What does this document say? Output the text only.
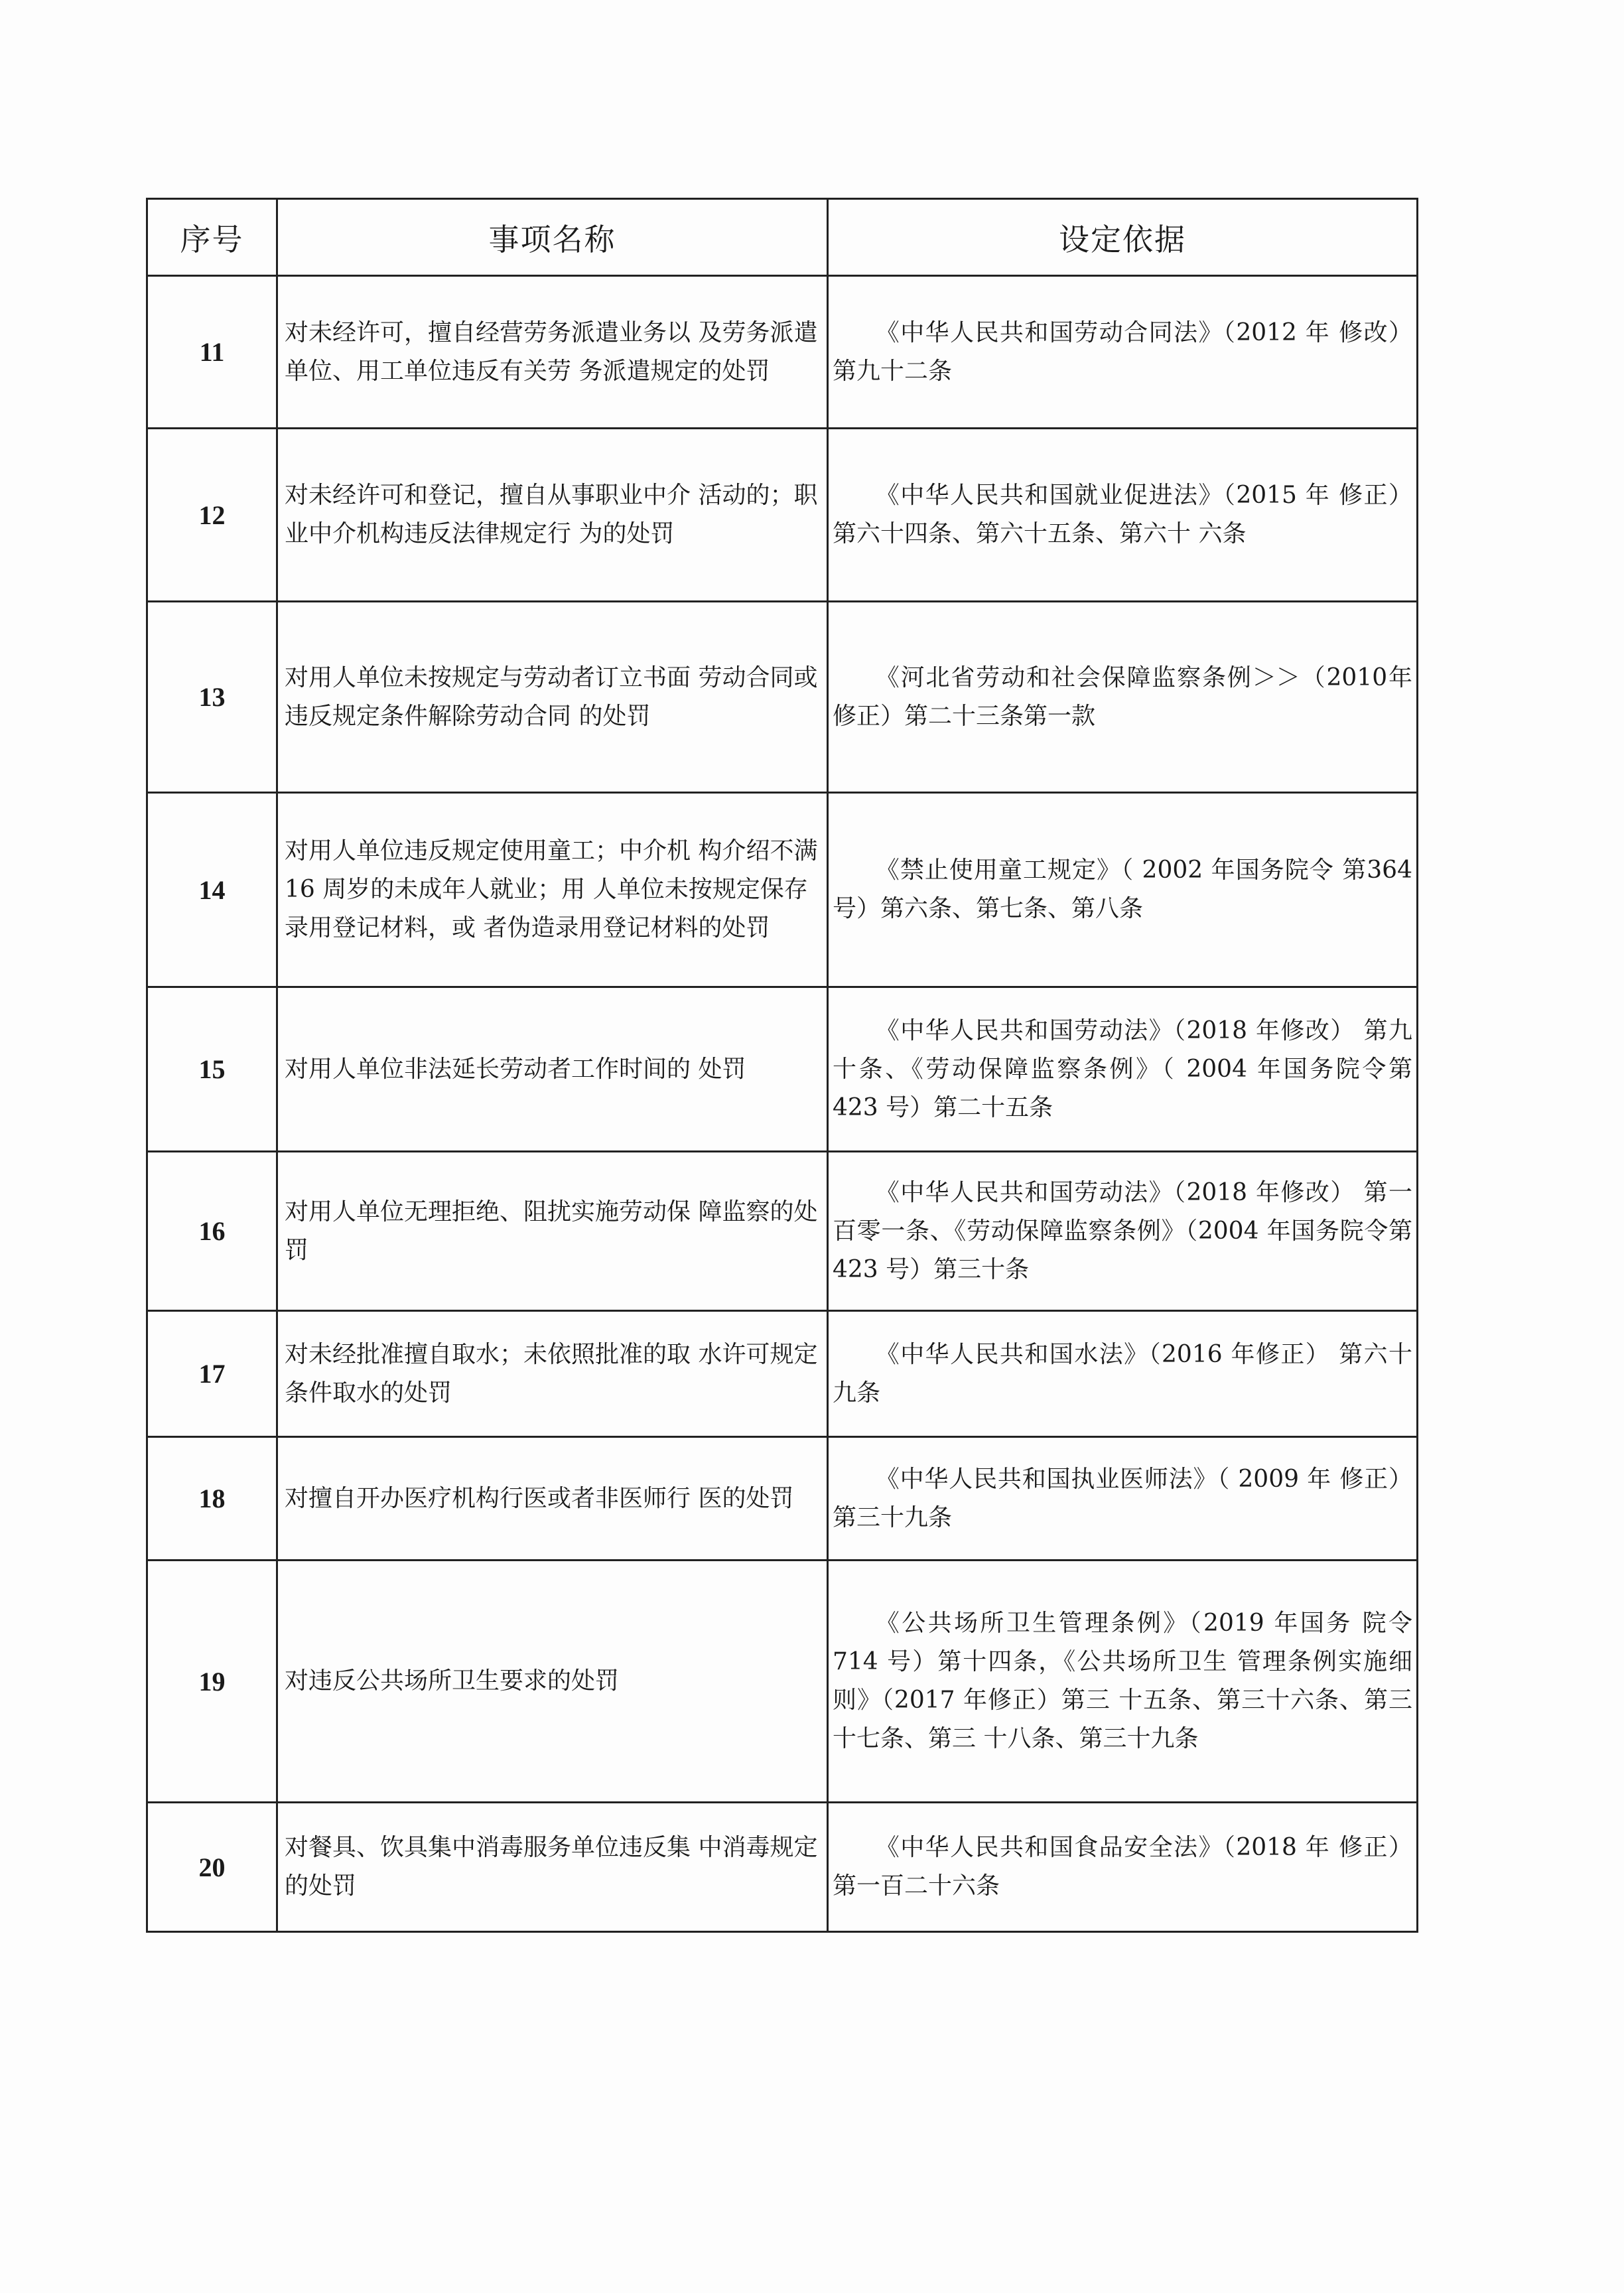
序号	事项名称	设定依据
11	对未经许可，擅自经营劳务派遣业务以 及劳务派遣单位、用工单位违反有关劳 务派遣规定的处罚	《中华人民共和国劳动合同法》（2012 年 修改）第九十二条
12	对未经许可和登记，擅自从事职业中介 活动的；职业中介机构违反法律规定行 为的处罚	《中华人民共和国就业促进法》（2015 年 修正）第六十四条、第六十五条、第六十 六条
13	对用人单位未按规定与劳动者订立书面 劳动合同或违反规定条件解除劳动合同 的处罚	《河北省劳动和社会保障监察条例＞＞（2010年修正）第二十三条第一款
14	对用人单位违反规定使用童工；中介机 构介绍不满 16 周岁的未成年人就业；用 人单位未按规定保存录用登记材料，或 者伪造录用登记材料的处罚	《禁止使用童工规定》（ 2002 年国务院令 第364 号）第六条、第七条、第八条
15	对用人单位非法延长劳动者工作时间的 处罚	《中华人民共和国劳动法》（2018 年修改） 第九十条、《劳动保障监察条例》（ 2004 年国务院令第 423 号）第二十五条
16	对用人单位无理拒绝、阻扰实施劳动保 障监察的处罚	《中华人民共和国劳动法》（2018 年修改） 第一百零一条、《劳动保障监察条例》（2004 年国务院令第 423 号）第三十条
17	对未经批准擅自取水；未依照批准的取 水许可规定条件取水的处罚	《中华人民共和国水法》（2016 年修正） 第六十九条
18	对擅自开办医疗机构行医或者非医师行 医的处罚	《中华人民共和国执业医师法》（ 2009 年 修正）第三十九条
19	对违反公共场所卫生要求的处罚	《公共场所卫生管理条例》（2019 年国务 院令 714 号）第十四条，《公共场所卫生 管理条例实施细则》（2017 年修正）第三 十五条、第三十六条、第三十七条、第三 十八条、第三十九条
20	对餐具、饮具集中消毒服务单位违反集 中消毒规定的处罚	《中华人民共和国食品安全法》（2018 年 修正）第一百二十六条
